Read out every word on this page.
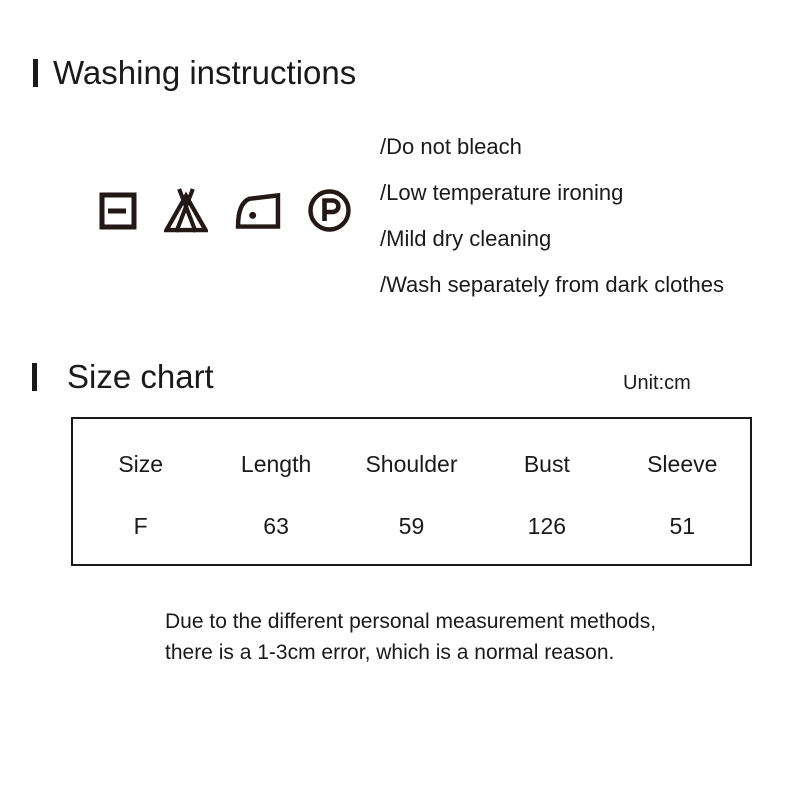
Washing instructions
/Do not bleach
/Low temperature ironing
/Mild dry cleaning
/Wash separately from dark clothes
Size chart	Unit:cm
Size	Length	Shoulder	Bust	Sleeve
F	63	59	126	51
Due to the different personal measurement methods,
there is a 1-3cm error, which is a normal reason.
